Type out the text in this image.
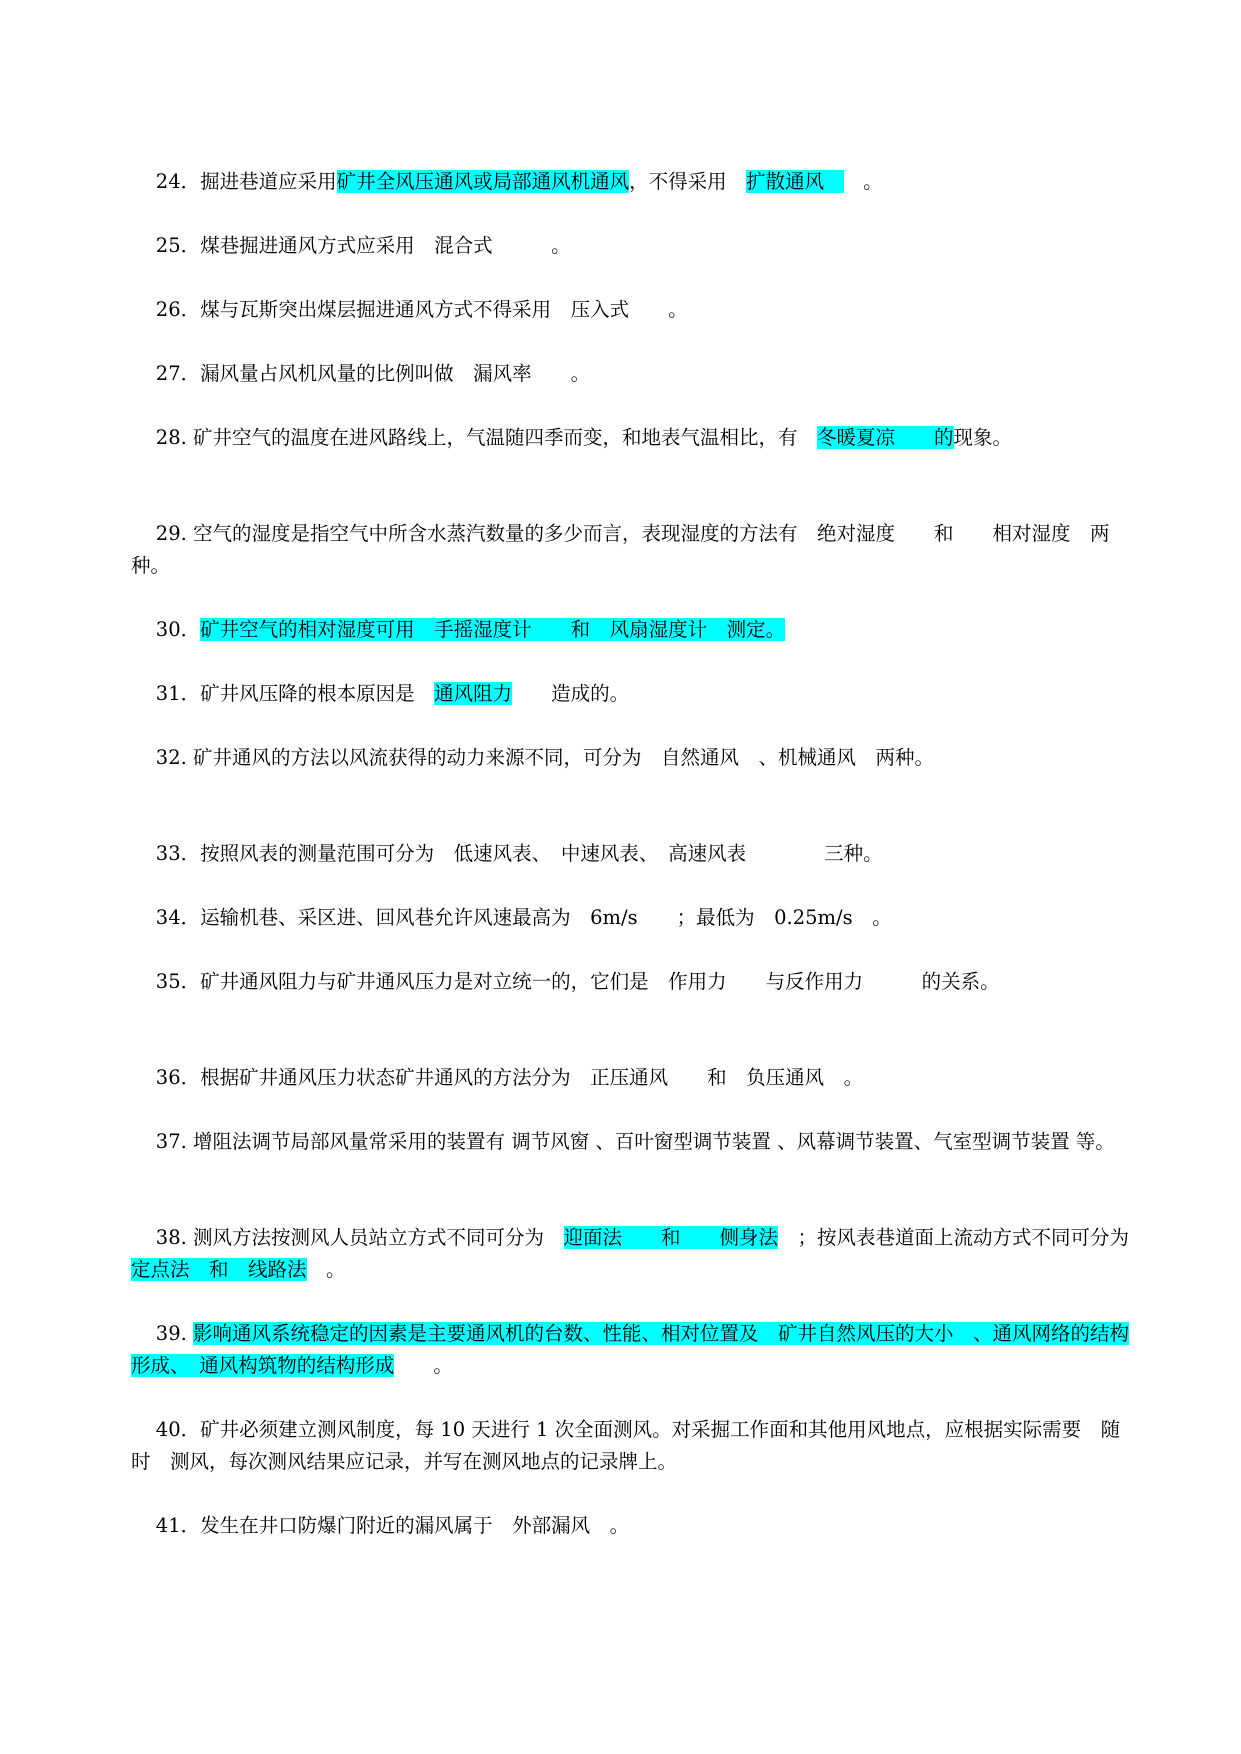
24．掘进巷道应采用矿井全风压通风或局部通风机通风，不得采用　扩散通风　　。

25．煤巷掘进通风方式应采用　混合式　　　。

26．煤与瓦斯突出煤层掘进通风方式不得采用　压入式　　。

27．漏风量占风机风量的比例叫做　漏风率　　。

28. 矿井空气的温度在进风路线上，气温随四季而变，和地表气温相比，有　冬暖夏凉　　的现象。

29. 空气的湿度是指空气中所含水蒸汽数量的多少而言，表现湿度的方法有　绝对湿度　　和　　相对湿度　两种。

30．矿井空气的相对湿度可用　手摇湿度计　　和　风扇湿度计　测定。

31．矿井风压降的根本原因是　通风阻力　　造成的。

32. 矿井通风的方法以风流获得的动力来源不同，可分为　自然通风　、机械通风　两种。

33．按照风表的测量范围可分为　低速风表、　中速风表、　高速风表　　　　三种。

34．运输机巷、采区进、回风巷允许风速最高为　6m/s　　；最低为　0.25m/s　。

35．矿井通风阻力与矿井通风压力是对立统一的，它们是　作用力　　与反作用力　　　的关系。

36．根据矿井通风压力状态矿井通风的方法分为　正压通风　　和　负压通风　。

37. 增阻法调节局部风量常采用的装置有 调节风窗 、百叶窗型调节装置 、风幕调节装置、气室型调节装置 等。

38. 测风方法按测风人员站立方式不同可分为　迎面法　　和　　侧身法　；按风表巷道面上流动方式不同可分为　定点法　和　线路法　。

39. 影响通风系统稳定的因素是主要通风机的台数、性能、相对位置及　矿井自然风压的大小　、通风网络的结构形成、　通风构筑物的结构形成　　。

40．矿井必须建立测风制度，每 10 天进行 1 次全面测风。对采掘工作面和其他用风地点，应根据实际需要　随时　测风，每次测风结果应记录，并写在测风地点的记录牌上。

41．发生在井口防爆门附近的漏风属于　外部漏风　。
